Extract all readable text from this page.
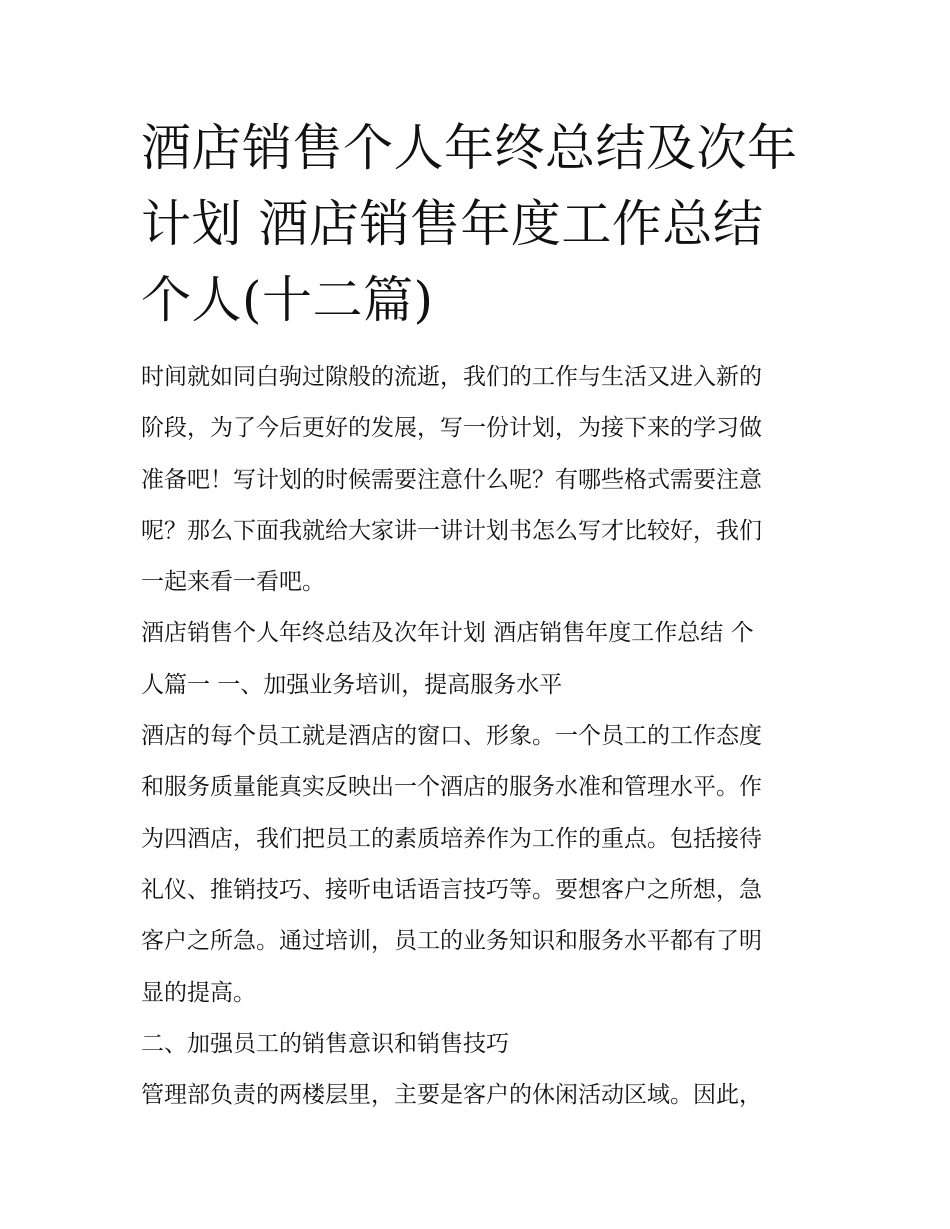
酒店销售个人年终总结及次年
计划 酒店销售年度工作总结
个人(十二篇)
时间就如同白驹过隙般的流逝，我们的工作与生活又进入新的
阶段，为了今后更好的发展，写一份计划，为接下来的学习做
准备吧！写计划的时候需要注意什么呢？有哪些格式需要注意
呢？那么下面我就给大家讲一讲计划书怎么写才比较好，我们
一起来看一看吧。
酒店销售个人年终总结及次年计划 酒店销售年度工作总结 个
人篇一 一、加强业务培训，提高服务水平
酒店的每个员工就是酒店的窗口、形象。一个员工的工作态度
和服务质量能真实反映出一个酒店的服务水准和管理水平。作
为四酒店，我们把员工的素质培养作为工作的重点。包括接待
礼仪、推销技巧、接听电话语言技巧等。要想客户之所想，急
客户之所急。通过培训，员工的业务知识和服务水平都有了明
显的提高。
二、加强员工的销售意识和销售技巧
管理部负责的两楼层里，主要是客户的休闲活动区域。因此，
